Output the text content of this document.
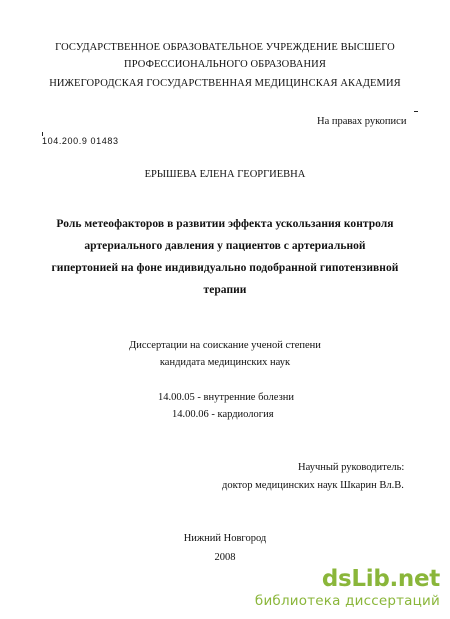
ГОСУДАРСТВЕННОЕ ОБРАЗОВАТЕЛЬНОЕ УЧРЕЖДЕНИЕ ВЫСШЕГО
ПРОФЕССИОНАЛЬНОГО ОБРАЗОВАНИЯ
НИЖЕГОРОДСКАЯ ГОСУДАРСТВЕННАЯ МЕДИЦИНСКАЯ АКАДЕМИЯ
На правах рукописи
104.200.9 01483
ЕРЫШЕВА ЕЛЕНА ГЕОРГИЕВНА
Роль метеофакторов в развитии эффекта ускользания контроля
артериального давления у пациентов с артериальной
гипертонией на фоне индивидуально подобранной гипотензивной
терапии
Диссертации на соискание ученой степени
кандидата медицинских наук
14.00.05 - внутренние болезни
14.00.06 - кардиология
Научный руководитель:
доктор медицинских наук Шкарин Вл.В.
Нижний Новгород
2008
dsLib.net
библиотека диссертаций
